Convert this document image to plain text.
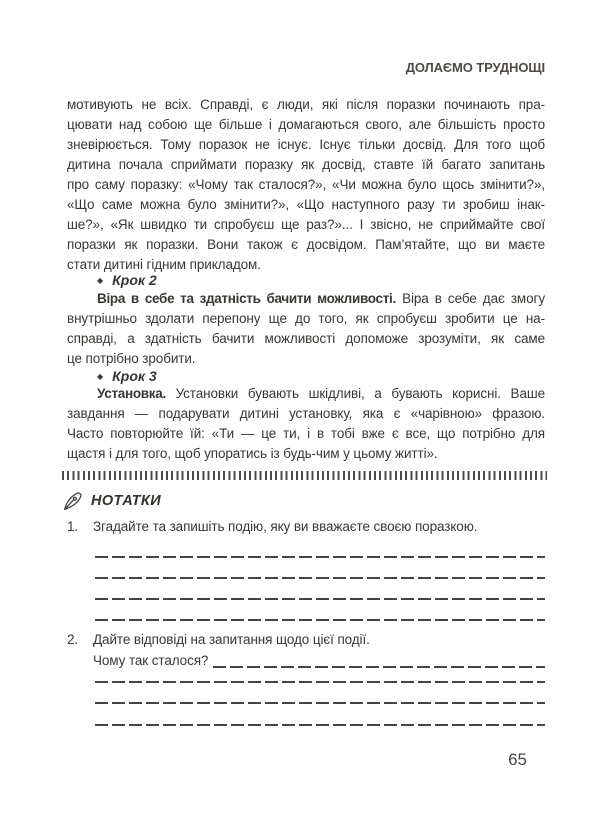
ДОЛАЄМО ТРУДНОЩІ
мотивують не всіх. Справді, є люди, які після поразки починають пра-
цювати над собою ще більше і домагаються свого, але більшість просто
зневірюється. Тому поразок не існує. Існує тільки досвід. Для того щоб
дитина почала сприймати поразку як досвід, ставте їй багато запитань
про саму поразку: «Чому так сталося?», «Чи можна було щось змінити?»,
«Що саме можна було змінити?», «Що наступного разу ти зробиш інак-
ше?», «Як швидко ти спробуєш ще раз?»... І звісно, не сприймайте свої
поразки як поразки. Вони також є досвідом. Пам’ятайте, що ви маєте
стати дитині гідним прикладом.
◆ Крок 2
Віра в себе та здатність бачити можливості. Віра в себе дає змогу
внутрішньо здолати перепону ще до того, як спробуєш зробити це на-
справді, а здатність бачити можливості допоможе зрозуміти, як саме
це потрібно зробити.
◆ Крок 3
Установка. Установки бувають шкідливі, а бувають корисні. Ваше
завдання — подарувати дитині установку, яка є «чарівною» фразою.
Часто повторюйте їй: «Ти — це ти, і в тобі вже є все, що потрібно для
щастя і для того, щоб упоратись із будь-чим у цьому житті».
НОТАТКИ
1. Згадайте та запишіть подію, яку ви вважаєте своєю поразкою.
2. Дайте відповіді на запитання щодо цієї події.
Чому так сталося?
65
